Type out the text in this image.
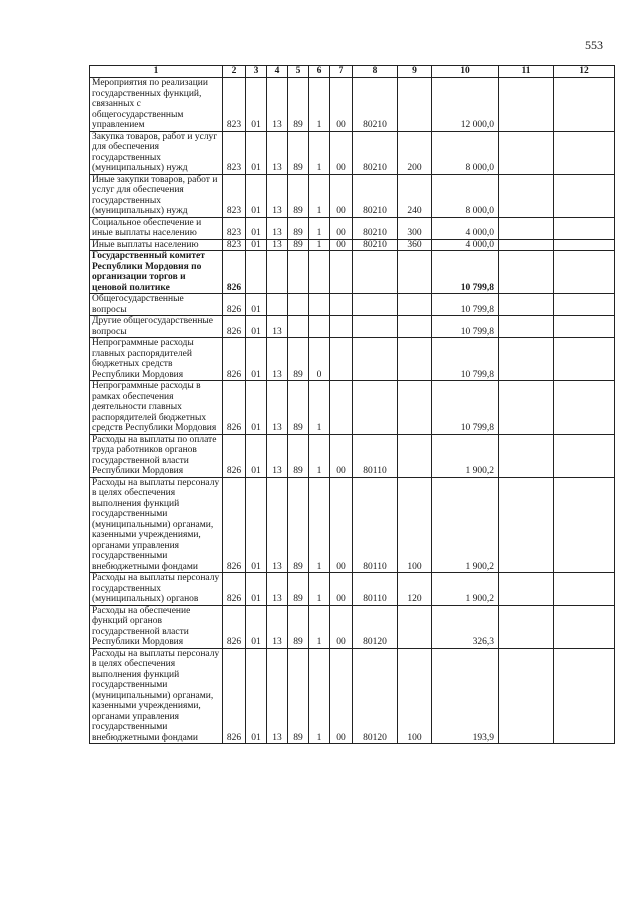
553
1	2	3	4	5	6	7	8	9	10	11	12
Мероприятия по реализации государственных функций, связанных с общегосударственным управлением	823	01	13	89	1	00	80210		12 000,0		
Закупка товаров, работ и услуг для обеспечения государственных (муниципальных) нужд	823	01	13	89	1	00	80210	200	8 000,0		
Иные закупки товаров, работ и услуг для обеспечения государственных (муниципальных) нужд	823	01	13	89	1	00	80210	240	8 000,0		
Социальное обеспечение и иные выплаты населению	823	01	13	89	1	00	80210	300	4 000,0		
Иные выплаты населению	823	01	13	89	1	00	80210	360	4 000,0		
Государственный комитет Республики Мордовия по организации торгов и ценовой политике	826								10 799,8		
Общегосударственные вопросы	826	01							10 799,8		
Другие общегосударственные вопросы	826	01	13						10 799,8		
Непрограммные расходы главных распорядителей бюджетных средств Республики Мордовия	826	01	13	89	0				10 799,8		
Непрограммные расходы в рамках обеспечения деятельности главных распорядителей бюджетных средств Республики Мордовия	826	01	13	89	1				10 799,8		
Расходы на выплаты по оплате труда работников органов государственной власти Республики Мордовия	826	01	13	89	1	00	80110		1 900,2		
Расходы на выплаты персоналу в целях обеспечения выполнения функций государственными (муниципальными) органами, казенными учреждениями, органами управления государственными внебюджетными фондами	826	01	13	89	1	00	80110	100	1 900,2		
Расходы на выплаты персоналу государственных (муниципальных) органов	826	01	13	89	1	00	80110	120	1 900,2		
Расходы на обеспечение функций органов государственной власти Республики Мордовия	826	01	13	89	1	00	80120		326,3		
Расходы на выплаты персоналу в целях обеспечения выполнения функций государственными (муниципальными) органами, казенными учреждениями, органами управления государственными внебюджетными фондами	826	01	13	89	1	00	80120	100	193,9		
